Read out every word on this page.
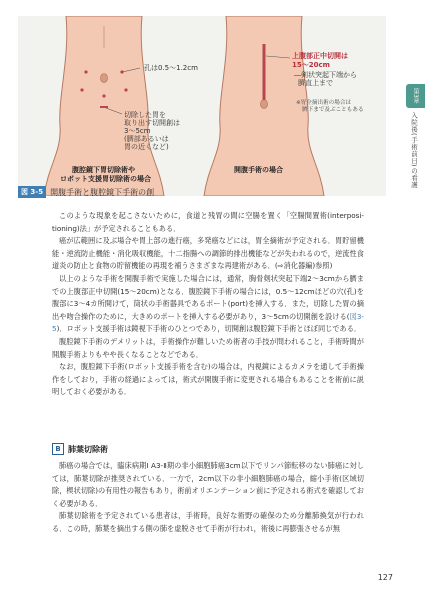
孔は0.5〜1.2cm
切除した胃を
取り出す切開創は
3〜5cm
(臍部あるいは
胃の近くなど)
腹腔鏡下胃切除術や
ロボット支援胃切除術の場合
上腹部正中切開は
15〜20cm
―剣状突起下端から
臍直上まで
※胃全摘出術の場合は
臍下まで及ぶこともある
開腹手術の場合
第3章
入院後(手術前日)の看護
図 3-5 開腹手術と腹腔鏡下手術の創

このような現象を起こさないために，食道と残胃の間に空腸を置く「空腸間置術(interposi-tioning)法」が予定されることもある．

癌が広範囲に及ぶ場合や胃上部の進行癌，多発癌などには，胃全摘術が予定される．胃貯留機能・逆流防止機能・消化吸収機能，十二指腸への調節的排出機能などが失われるので，逆流性食道炎の防止と食物の貯留機能の再現を補うさまざまな再建術がある．(⇨消化器編)参照)

以上のような手術を開腹手術で実施した場合には，通常，胸骨剣状突起下端2〜3cmから臍までの上腹部正中切開(15〜20cm)となる．腹腔鏡下手術の場合には，0.5〜12cmほどの穴(孔)を腹部に3〜4カ所開けて，筒状の手術器具であるポート(port)を挿入する．また，切除した胃の摘出や吻合操作のために，大きめのポートを挿入する必要があり，3〜5cmの切開創を設ける(図3-5)．ロボット支援手術は鏡視下手術のひとつであり，切開創は腹腔鏡下手術とほぼ同じである．

腹腔鏡下手術のデメリットは，手術操作が難しいため術者の手技が問われること，手術時間が開腹手術よりもやや長くなることなどである．

なお，腹腔鏡下手術(ロボット支援手術を含む)の場合は，内視鏡によるカメラを通して手術操作をしており，手術の経過によっては，術式が開腹手術に変更される場合もあることを術前に説明しておく必要がある．

B 肺葉切除術

肺癌の場合では，臨床病期Ⅰ A3-Ⅱ期の非小細胞肺癌3cm以下でリンパ節転移のない肺癌に対しては，肺葉切除が推奨されている．一方で，2cm以下の非小細胞肺癌の場合，縮小手術(区域切除，楔状切除)の有用性の報告もあり，術前オリエンテーション前に予定される術式を確認しておく必要がある．

肺葉切除術を予定されている患者は，手術時，良好な術野の確保のため分離肺換気が行われる．この時，肺葉を摘出する側の肺を虚脱させて手術が行われ，術後に再膨張させるが無

127
